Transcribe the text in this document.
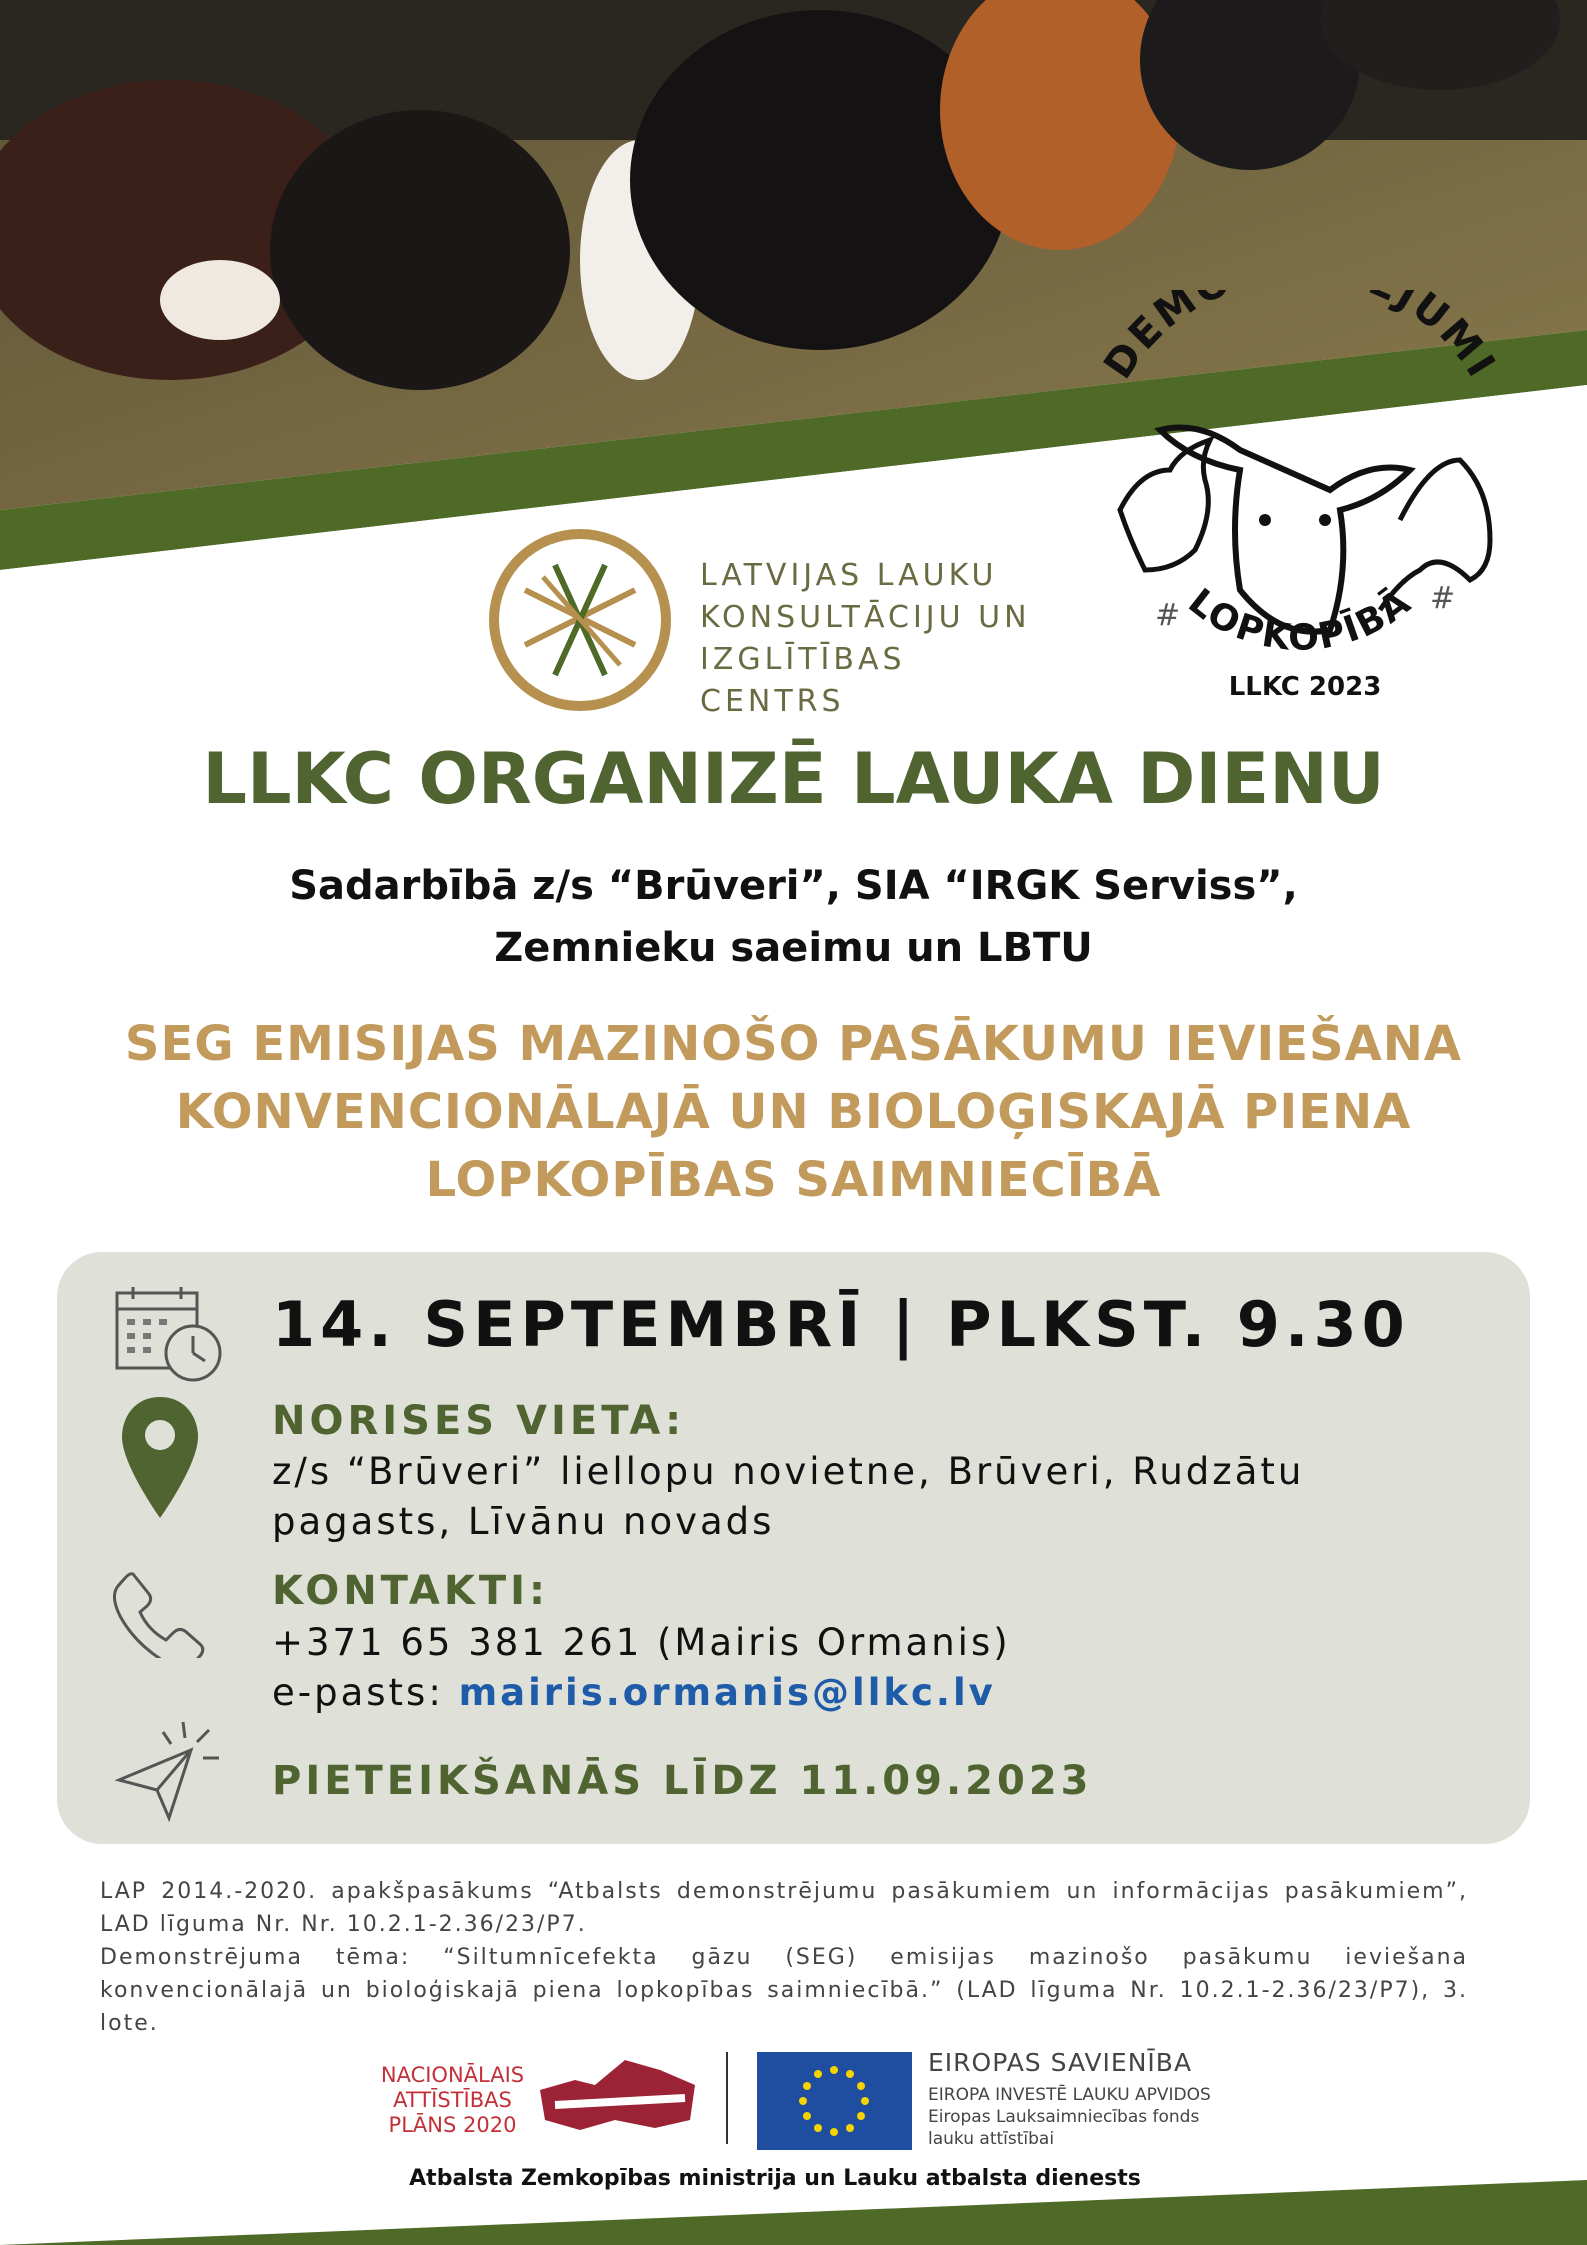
DEM JUMI
#	#
LOPKOPĪBĀ
LLKC 2023
LATVIJAS LAUKU
KONSULTĀCIJU UN
IZGLĪTĪBAS CENTRS
LLKC ORGANIZĒ LAUKA DIENU
Sadarbībā z/s “Brūveri”, SIA “IRGK Serviss”,
Zemnieku saeimu un LBTU
SEG EMISIJAS MAZINOŠO PASĀKUMU IEVIEŠANA
KONVENCIONĀLAJĀ UN BIOLOĢISKAJĀ PIENA
LOPKOPĪBAS SAIMNIECĪBĀ
14. SEPTEMBRĪ | PLKST. 9.30
NORISES VIETA:
z/s “Brūveri” liellopu novietne, Brūveri, Rudzātu
pagasts, Līvānu novads
KONTAKTI:
+371 65 381 261 (Mairis Ormanis)
e-pasts: mairis.ormanis@llkc.lv
PIETEIKŠANĀS LĪDZ 11.09.2023

LAP 2014.-2020. apakšpasākums “Atbalsts demonstrējumu pasākumiem un informācijas pasākumiem”, LAD līguma Nr. Nr. 10.2.1-2.36/23/P7.

Demonstrējuma tēma: “Siltumnīcefekta gāzu (SEG) emisijas mazinošo pasākumu ieviešana konvencionālajā un bioloģiskajā piena lopkopības saimniecībā.” (LAD līguma Nr. 10.2.1-2.36/23/P7), 3. lote.

NACIONĀLAIS
ATTĪSTĪBAS
PLĀNS 2020
EIROPAS SAVIENĪBA
EIROPA INVESTĒ LAUKU APVIDOS
Eiropas Lauksaimniecības fonds
lauku attīstībai
Atbalsta Zemkopības ministrija un Lauku atbalsta dienests
